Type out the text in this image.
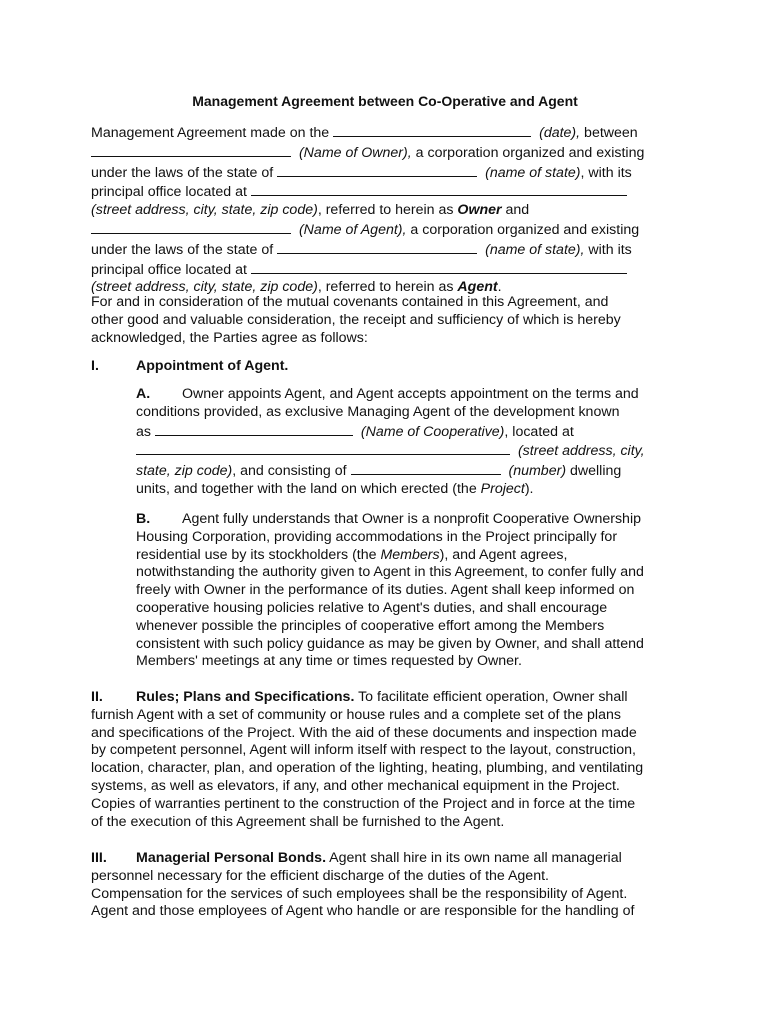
Management Agreement between Co-Operative and Agent
Management Agreement made on the	(date), between
(Name of Owner), a corporation organized and existing
under the laws of the state of	(name of state), with its
principal office located at
(street address, city, state, zip code), referred to herein as Owner and
(Name of Agent), a corporation organized and existing
under the laws of the state of	(name of state), with its
principal office located at
(street address, city, state, zip code), referred to herein as Agent.
For and in consideration of the mutual covenants contained in this Agreement, and
other good and valuable consideration, the receipt and sufficiency of which is hereby
acknowledged, the Parties agree as follows:
I.	Appointment of Agent.
A. Owner appoints Agent, and Agent accepts appointment on the terms and
conditions provided, as exclusive Managing Agent of the development known
as	(Name of Cooperative), located at
(street address, city,
state, zip code), and consisting of	(number) dwelling
units, and together with the land on which erected (the Project).
B. Agent fully understands that Owner is a nonprofit Cooperative Ownership
Housing Corporation, providing accommodations in the Project principally for
residential use by its stockholders (the Members), and Agent agrees,
notwithstanding the authority given to Agent in this Agreement, to confer fully and
freely with Owner in the performance of its duties. Agent shall keep informed on
cooperative housing policies relative to Agent's duties, and shall encourage
whenever possible the principles of cooperative effort among the Members
consistent with such policy guidance as may be given by Owner, and shall attend
Members' meetings at any time or times requested by Owner.
II. Rules; Plans and Specifications. To facilitate efficient operation, Owner shall
furnish Agent with a set of community or house rules and a complete set of the plans
and specifications of the Project. With the aid of these documents and inspection made
by competent personnel, Agent will inform itself with respect to the layout, construction,
location, character, plan, and operation of the lighting, heating, plumbing, and ventilating
systems, as well as elevators, if any, and other mechanical equipment in the Project.
Copies of warranties pertinent to the construction of the Project and in force at the time
of the execution of this Agreement shall be furnished to the Agent.
III. Managerial Personal Bonds. Agent shall hire in its own name all managerial
personnel necessary for the efficient discharge of the duties of the Agent.
Compensation for the services of such employees shall be the responsibility of Agent.
Agent and those employees of Agent who handle or are responsible for the handling of
